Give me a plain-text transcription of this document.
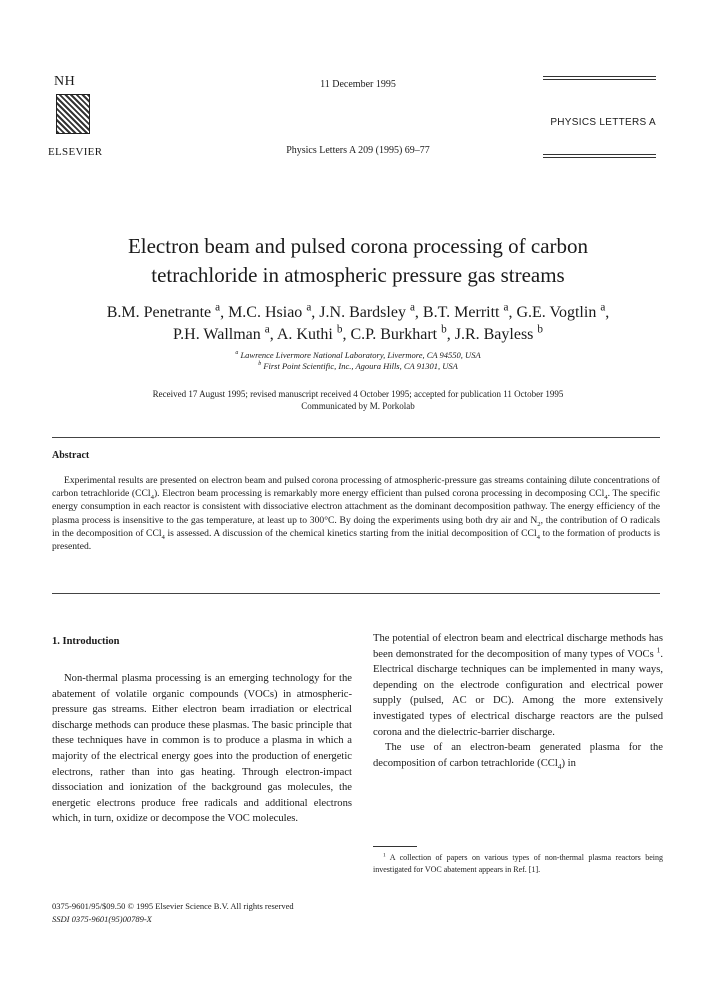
NH
ELSEVIER
11 December 1995
PHYSICS LETTERS A
Physics Letters A 209 (1995) 69–77
Electron beam and pulsed corona processing of carbon
tetrachloride in atmospheric pressure gas streams
B.M. Penetrante $^a$, M.C. Hsiao $^a$, J.N. Bardsley $^a$, B.T. Merritt $^a$, G.E. Vogtlin $^a$,
P.H. Wallman $^a$, A. Kuthi $^b$, C.P. Burkhart $^b$, J.R. Bayless $^b$
$^a$ Lawrence Livermore National Laboratory, Livermore, CA 94550, USA
$^b$ First Point Scientific, Inc., Agoura Hills, CA 91301, USA
Received 17 August 1995; revised manuscript received 4 October 1995; accepted for publication 11 October 1995
Communicated by M. Porkolab
Abstract
Experimental results are presented on electron beam and pulsed corona processing of atmospheric-pressure gas streams containing dilute concentrations of carbon tetrachloride (CCl$_4$). Electron beam processing is remarkably more energy efficient than pulsed corona processing in decomposing CCl$_4$. The specific energy consumption in each reactor is consistent with dissociative electron attachment as the dominant decomposition pathway. The energy efficiency of the plasma process is insensitive to the gas temperature, at least up to 300°C. By doing the experiments using both dry air and $N_2$, the contribution of O radicals in the decomposition of CCl$_4$ is assessed. A discussion of the chemical kinetics starting from the initial decomposition of CCl$_4$ to the formation of products is presented.
1. Introduction
Non-thermal plasma processing is an emerging technology for the abatement of volatile organic compounds (VOCs) in atmospheric-pressure gas streams. Either electron beam irradiation or electrical discharge methods can produce these plasmas. The basic principle that these techniques have in common is to produce a plasma in which a majority of the electrical energy goes into the production of energetic electrons, rather than into gas heating. Through electron-impact dissociation and ionization of the background gas molecules, the energetic electrons produce free radicals and additional electrons which, in turn, oxidize or decompose the VOC molecules.

The potential of electron beam and electrical discharge methods has been demonstrated for the decomposition of many types of VOCs $^1$. Electrical discharge techniques can be implemented in many ways, depending on the electrode configuration and electrical power supply (pulsed, AC or DC). Among the more extensively investigated types of electrical discharge reactors are the pulsed corona and the dielectric-barrier discharge.

The use of an electron-beam generated plasma for the decomposition of carbon tetrachloride (CCl$_4$) in

$^1$ A collection of papers on various types of non-thermal plasma reactors being investigated for VOC abatement appears in Ref. [1].
0375-9601/95/$09.50 © 1995 Elsevier Science B.V. All rights reserved
SSDI 0375-9601(95)00789-X
